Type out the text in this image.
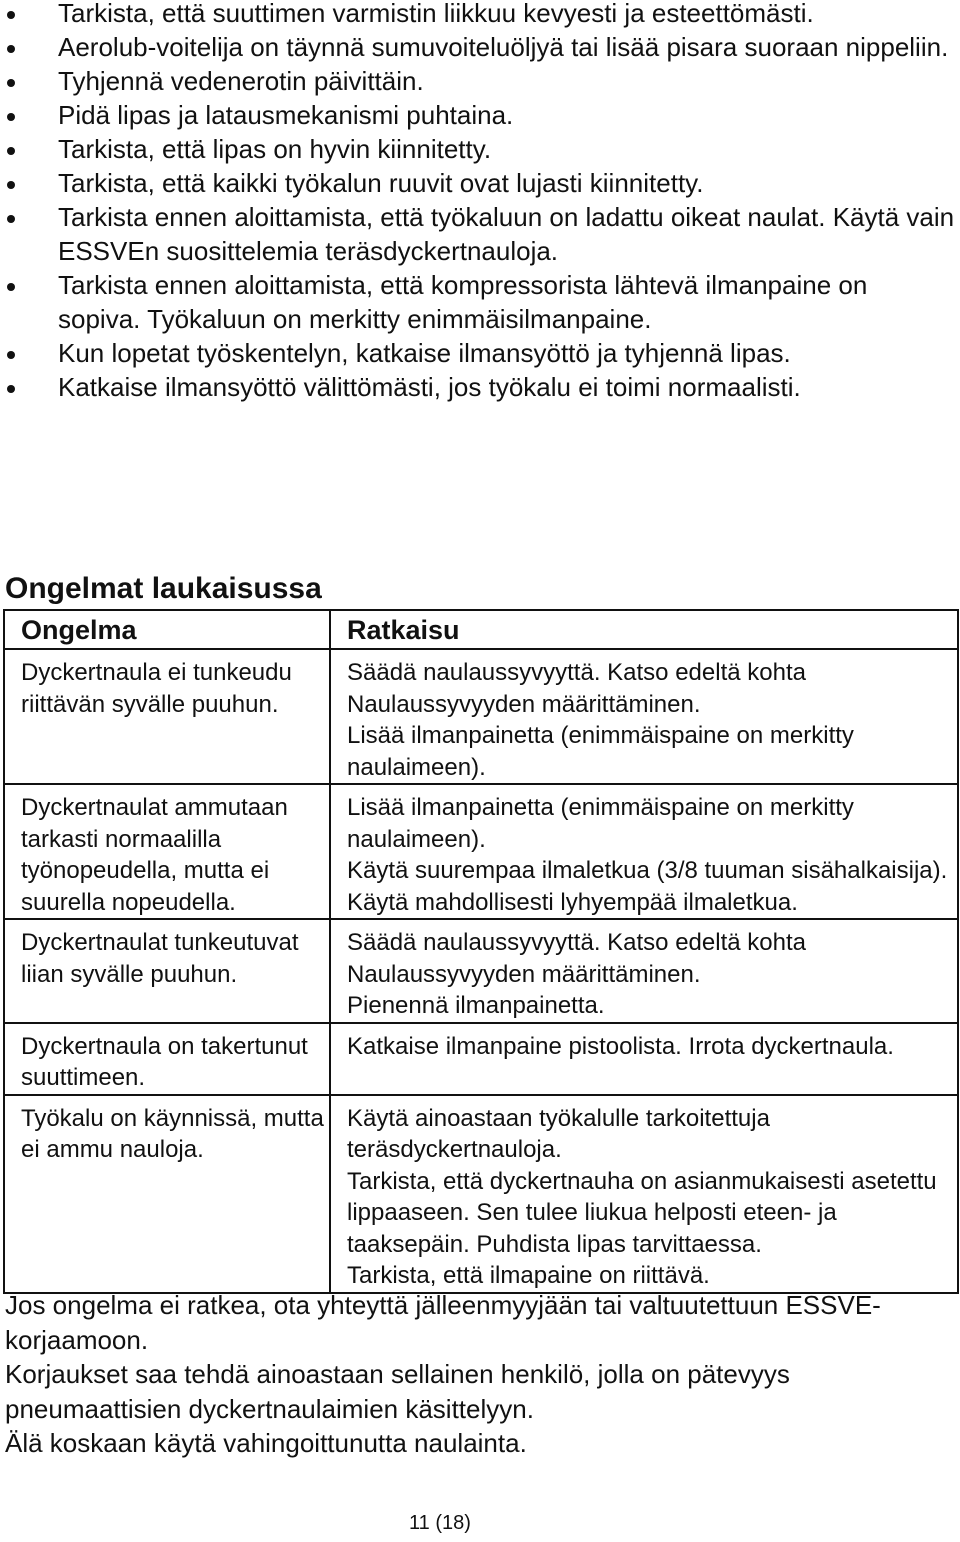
Tarkista, että suuttimen varmistin liikkuu kevyesti ja esteettömästi.
Aerolub-voitelija on täynnä sumuvoiteluöljyä tai lisää pisara suoraan nippeliin.
Tyhjennä vedenerotin päivittäin.
Pidä lipas ja latausmekanismi puhtaina.
Tarkista, että lipas on hyvin kiinnitetty.
Tarkista, että kaikki työkalun ruuvit ovat lujasti kiinnitetty.
Tarkista ennen aloittamista, että työkaluun on ladattu oikeat naulat. Käytä vain ESSVEn suosittelemia teräsdyckertnauloja.
Tarkista ennen aloittamista, että kompressorista lähtevä ilmanpaine on sopiva. Työkaluun on merkitty enimmäisilmanpaine.
Kun lopetat työskentelyn, katkaise ilmansyöttö ja tyhjennä lipas.
Katkaise ilmansyöttö välittömästi, jos työkalu ei toimi normaalisti.
Ongelmat laukaisussa
Ongelma	Ratkaisu
Dyckertnaula ei tunkeudu riittävän syvälle puuhun.	Säädä naulaussyvyyttä. Katso edeltä kohta Naulaussyvyyden määrittäminen.
Lisää ilmanpainetta (enimmäispaine on merkitty naulaimeen).

Dyckertnaulat ammutaan tarkasti normaalilla työnopeudella, mutta ei suurella nopeudella.	Lisää ilmanpainetta (enimmäispaine on merkitty naulaimeen).
Käytä suurempaa ilmaletkua (3/8 tuuman sisähalkaisija).
Käytä mahdollisesti lyhyempää ilmaletkua.

Dyckertnaulat tunkeutuvat liian syvälle puuhun.	Säädä naulaussyvyyttä. Katso edeltä kohta Naulaussyvyyden määrittäminen.
Pienennä ilmanpainetta.

Dyckertnaula on takertunut suuttimeen.	Katkaise ilmanpaine pistoolista. Irrota dyckertnaula.

Työkalu on käynnissä, mutta ei ammu nauloja.	Käytä ainoastaan työkalulle tarkoitettuja teräsdyckertnauloja.
Tarkista, että dyckertnauha on asianmukaisesti asetettu lippaaseen. Sen tulee liukua helposti eteen- ja taaksepäin. Puhdista lipas tarvittaessa.
Tarkista, että ilmapaine on riittävä.

Jos ongelma ei ratkea, ota yhteyttä jälleenmyyjään tai valtuutettuun ESSVE-korjaamoon.

Korjaukset saa tehdä ainoastaan sellainen henkilö, jolla on pätevyys pneumaattisien dyckertnaulaimien käsittelyyn.

Älä koskaan käytä vahingoittunutta naulainta.

11 (18)
